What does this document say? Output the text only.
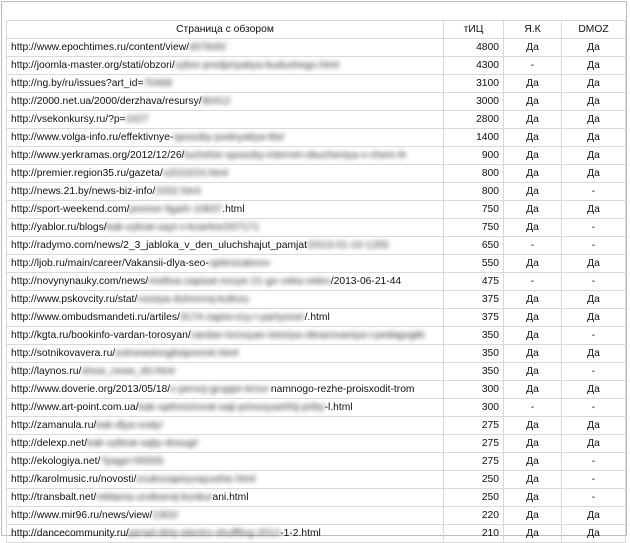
Страница с обзором	тИЦ	Я.К	DMOZ
http://www.epochtimes.ru/content/view/407845/	4800	Да	Да
http://joomla-master.org/stati/obzori/vybor-predpriyatiya-budushego.html	4300	-	Да
http://ng.by/ru/issues?art_id=70468	3100	Да	Да
http://2000.net.ua/2000/derzhava/resursy/90412	3000	Да	Да
http://vsekonkursy.ru/?p=1027	2800	Да	Да
http://www.volga-info.ru/effektivnye-sposoby-podnyatiya-tits/	1400	Да	Да
http://www.yerkramas.org/2012/12/26/luchshie-sposoby-internet-obucheniya-v-chem-ih	900	Да	Да
http://premier.region35.ru/gazeta/n2010/24.html	800	Да	Да
http://news.21.by/news-biz-info/2202.html	800	Да	-
http://sport-weekend.com/premer-liga/ir-10837.html	750	Да	Да
http://yablor.ru/blogs/kak-vybrat-sayt-v-kvartire/207171	750	Да	-
http://radymo.com/news/2_3_jabloka_v_den_uluchshajut_pamjat/2013-01-10-1255	650	-	-
http://ljob.ru/main/career/Vakansii-dlya-seo-optimizatorov	550	Да	Да
http://novynynauky.com/news/molitva-zapisat-novye-21-go-veka-video/2013-06-21-44	475	-	-
http://www.pskovcity.ru/stat/rossiya-duhovnoj-kultury	375	Да	Да
http://www.ombudsmandeti.ru/artiles/3174-zapisi-ezy-i-partyoner/.html	375	Да	Да
http://kgta.ru/bookinfo-vardan-torosyan/vardan-torosyan-istoriya-obrazovaniya-i-pedagogiki	350	Да	-
http://sotnikovavera.ru/sotnewslonglistpremiir.html	350	Да	Да
http://laynos.ru/show_news_60.html	350	Да	-
http://www.doverie.org/2013/05/18/v-pervoj-gruppe-krovi-namnogo-rezhe-proisxodit-trom	300	Да	Да
http://www.art-point.com.ua/kak-optimizirovat-sajt-prinosyashhij-priby-l.html	300	-	-
http://zamanula.ru/kak-dlya-vody/	275	Да	Да
http://delexp.net/kak-vybirat-sajty-dosugi/	275	Да	Да
http://ekologiya.net/?page=55555	275	Да	-
http://karolmusic.ru/novosti/zvukozapisyvayushie.html	250	Да	-
http://transbalt.net/reklama-uroltoenij-konkurani.html	250	Да	-
http://www.mir96.ru/news/view/1302/	220	Да	Да
http://dancecommunity.ru/jarrad-dirty-electro-shuffling-2012-1-2.html	210	Да	Да
